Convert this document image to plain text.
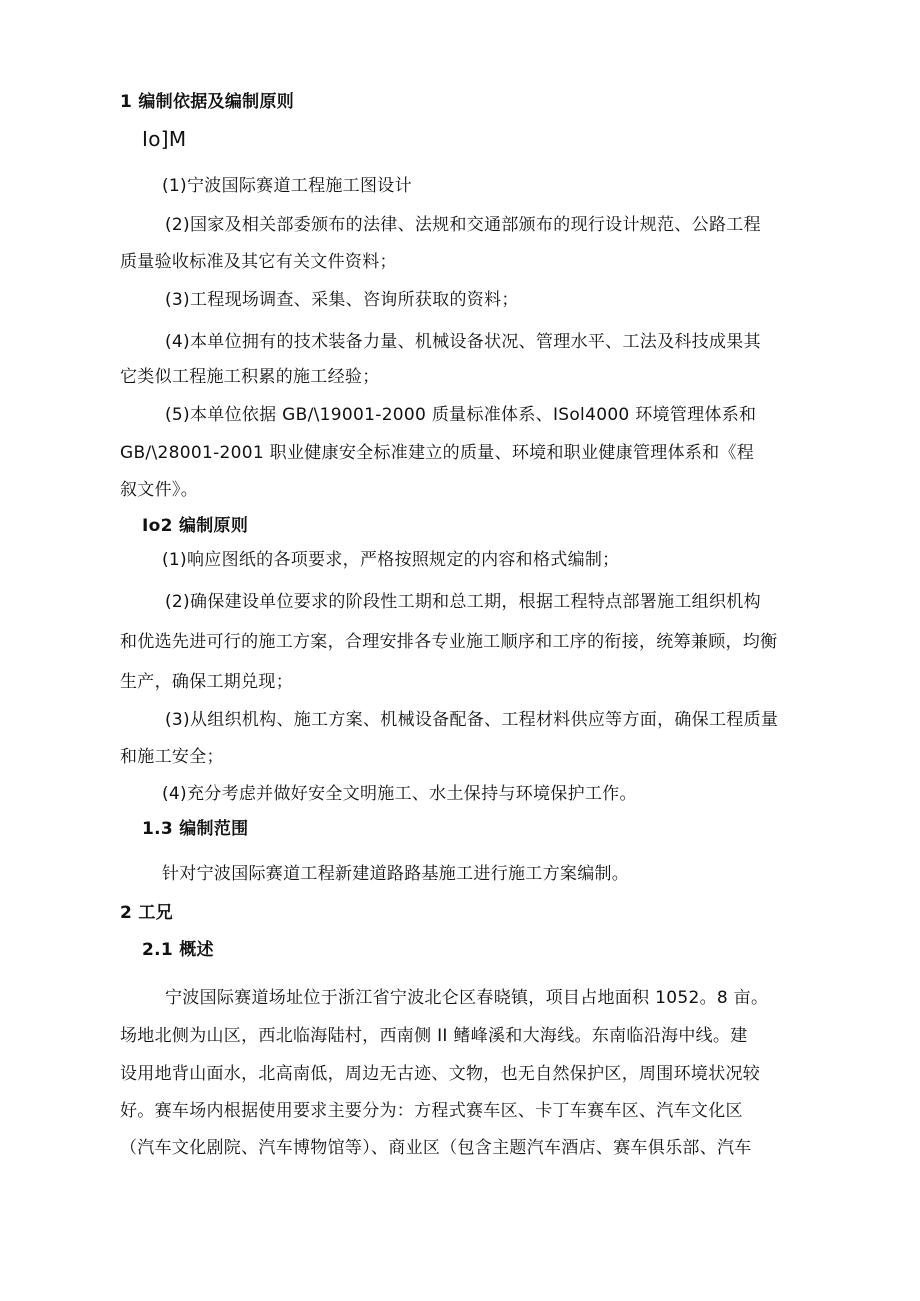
1 编制依据及编制原则
Io]M
(1)宁波国际赛道工程施工图设计
(2)国家及相关部委颁布的法律、法规和交通部颁布的现行设计规范、公路工程
质量验收标准及其它有关文件资料；
(3)工程现场调查、采集、咨询所获取的资料；
(4)本单位拥有的技术装备力量、机械设备状况、管理水平、工法及科技成果其
它类似工程施工积累的施工经验；
(5)本单位依据 GB∕\19001-2000 质量标准体系、ISol4000 环境管理体系和
GB∕\28001-2001 职业健康安全标准建立的质量、环境和职业健康管理体系和《程
叙文件》。
Io2 编制原则
(1)响应图纸的各项要求，严格按照规定的内容和格式编制；
(2)确保建设单位要求的阶段性工期和总工期，根据工程特点部署施工组织机构
和优选先进可行的施工方案，合理安排各专业施工顺序和工序的衔接，统筹兼顾，均衡
生产，确保工期兑现；
(3)从组织机构、施工方案、机械设备配备、工程材料供应等方面，确保工程质量
和施工安全；
(4)充分考虑并做好安全文明施工、水土保持与环境保护工作。
1.3 编制范围
针对宁波国际赛道工程新建道路路基施工进行施工方案编制。
2 工兄
2.1 概述
宁波国际赛道场址位于浙江省宁波北仑区春晓镇，项目占地面积 1052。8 亩。
场地北侧为山区，西北临海陆村，西南侧 II 鳍峰溪和大海线。东南临沿海中线。建
设用地背山面水，北高南低，周边无古迹、文物，也无自然保护区，周围环境状况较
好。赛车场内根据使用要求主要分为：方程式赛车区、卡丁车赛车区、汽车文化区
（汽车文化剧院、汽车博物馆等）、商业区（包含主题汽车酒店、赛车俱乐部、汽车
